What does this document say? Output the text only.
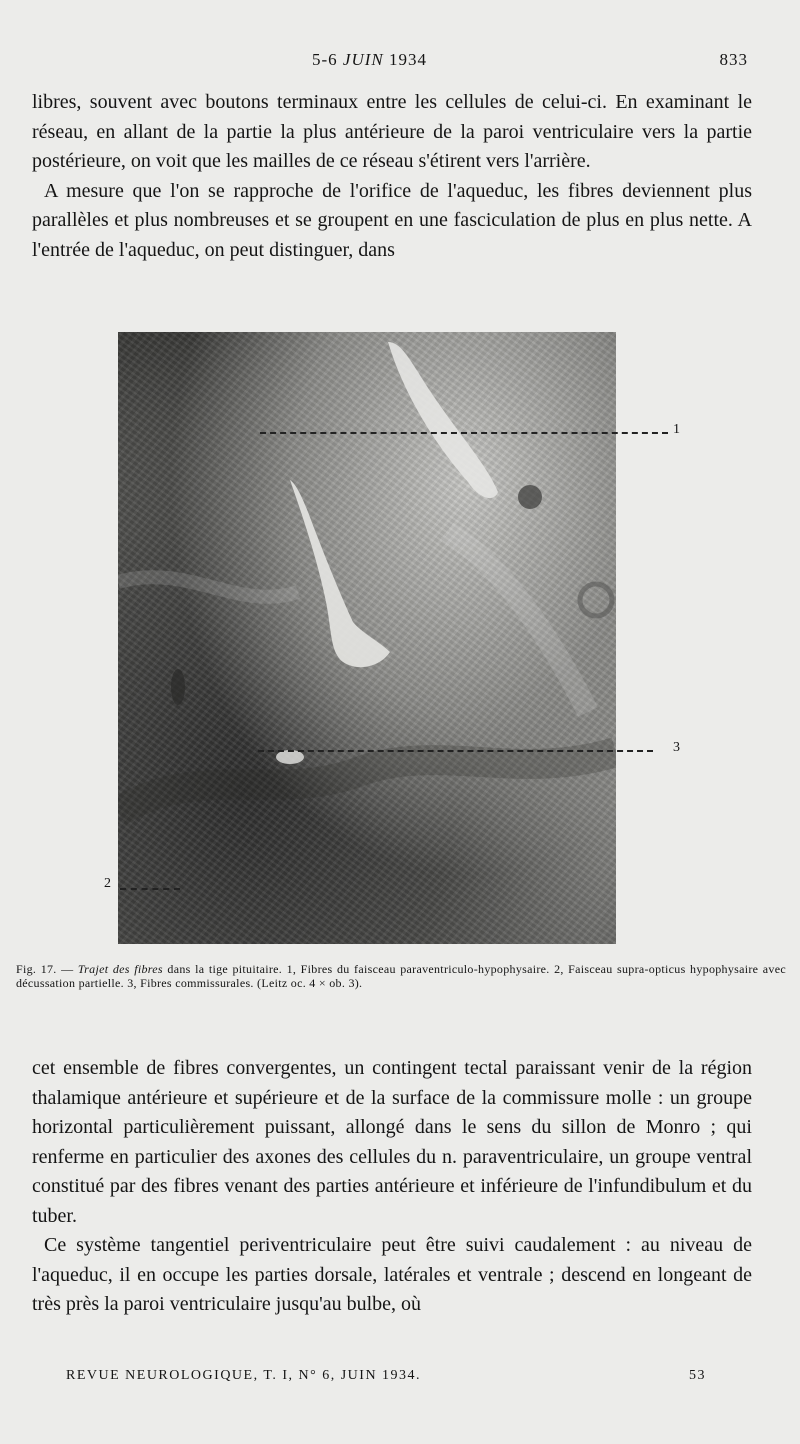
5-6 JUIN 1934	833

libres, souvent avec boutons terminaux entre les cellules de celui-ci. En examinant le réseau, en allant de la partie la plus antérieure de la paroi ventriculaire vers la partie postérieure, on voit que les mailles de ce réseau s'étirent vers l'arrière.

A mesure que l'on se rapproche de l'orifice de l'aqueduc, les fibres deviennent plus parallèles et plus nombreuses et se groupent en une fasciculation de plus en plus nette. A l'entrée de l'aqueduc, on peut distinguer, dans

1
3
2

Fig. 17. — Trajet des fibres dans la tige pituitaire. 1, Fibres du faisceau paraventriculo-hypophysaire. 2, Faisceau supra-opticus hypophysaire avec décussation partielle. 3, Fibres commissurales. (Leitz oc. 4 × ob. 3).

cet ensemble de fibres convergentes, un contingent tectal paraissant venir de la région thalamique antérieure et supérieure et de la surface de la commissure molle : un groupe horizontal particulièrement puissant, allongé dans le sens du sillon de Monro ; qui renferme en particulier des axones des cellules du n. paraventriculaire, un groupe ventral constitué par des fibres venant des parties antérieure et inférieure de l'infundibulum et du tuber.

Ce système tangentiel periventriculaire peut être suivi caudalement : au niveau de l'aqueduc, il en occupe les parties dorsale, latérales et ventrale ; descend en longeant de très près la paroi ventriculaire jusqu'au bulbe, où

REVUE NEUROLOGIQUE, T. I, N° 6, JUIN 1934.	53
